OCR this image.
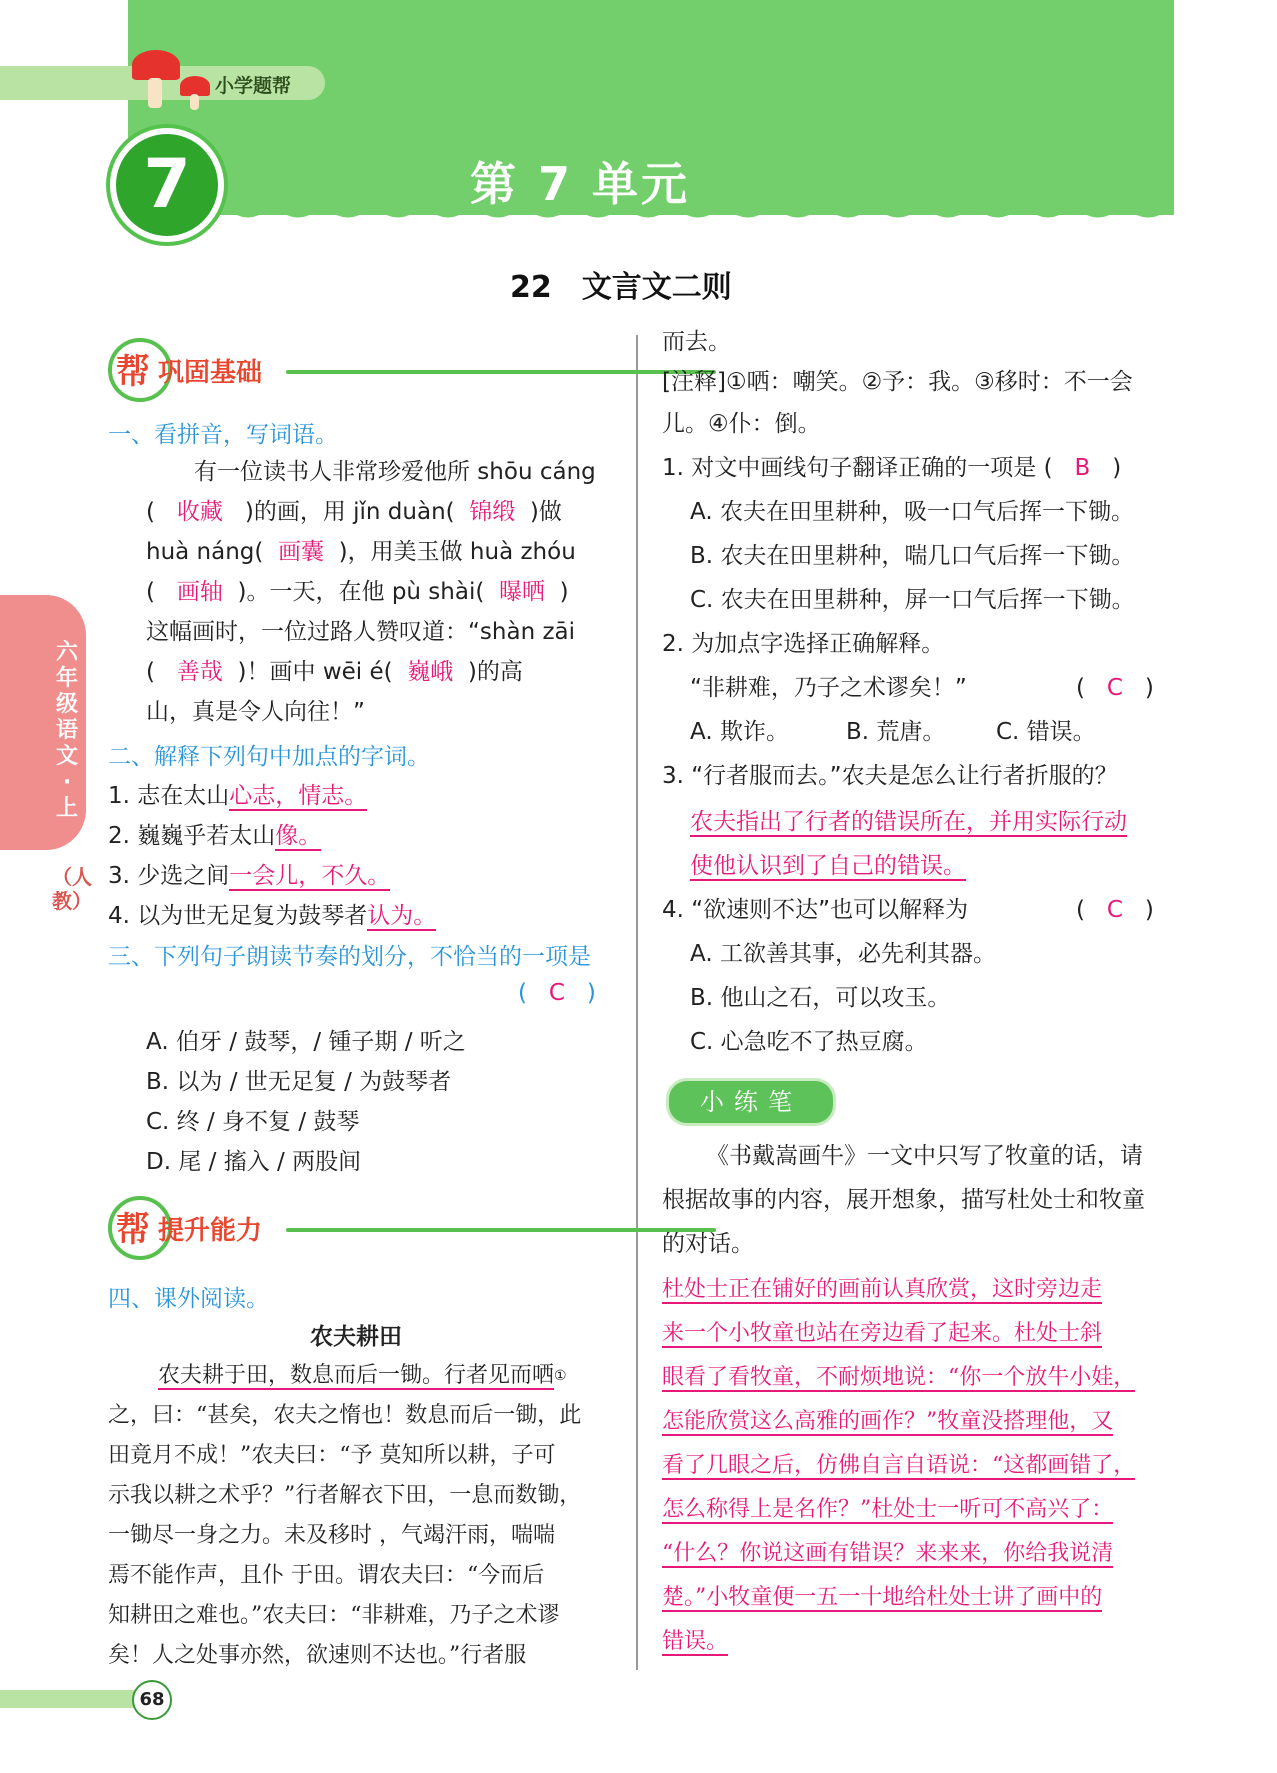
小学题帮
7	第 7 单元
22　文言文二则
六年级语文·上
（人教）
帮 巩固基础
一、看拼音，写词语。
有一位读书人非常珍爱他所 shōu cáng
(   收藏 )的画，用 jǐn duàn( 锦缎 )做
huà náng( 画囊 )，用美玉做 huà zhóu
(   画轴 )。一天，在他 pù shài( 曝晒  )
这幅画时，一位过路人赞叹道：“shàn zāi
(   善哉 )！画中 wēi é( 巍峨 )的高
山，真是令人向往！”
二、解释下列句中加点的字词。
1. 志在太山心志，情志。
2. 巍巍乎若太山像。
3. 少选之间一会儿，不久。
4. 以为世无足复为鼓琴者认为。
三、下列句子朗读节奏的划分，不恰当的一项是
(   C   )
A. 伯牙 / 鼓琴，/ 锺子期 / 听之
B. 以为 / 世无足复 / 为鼓琴者
C. 终 / 身不复 / 鼓琴
D. 尾 / 搐入 / 两股间
帮 提升能力
四、课外阅读。
农夫耕田
农夫耕于田，数息而后一锄。行者见而哂①
之，曰：“甚矣，农夫之惰也！数息而后一锄，此
田竟月不成！”农夫曰：“予 莫知所以耕，子可
示我以耕之术乎？”行者解衣下田，一息而数锄，
一锄尽一身之力。未及移时 ，气竭汗雨，喘喘
焉不能作声，且仆 于田。谓农夫曰：“今而后
知耕田之难也。”农夫曰：“非耕难，乃子之术谬
矣！人之处事亦然，欲速则不达也。”行者服
而去。
[注释]①哂：嘲笑。②予：我。③移时：不一会
儿。④仆：倒。
1. 对文中画线句子翻译正确的一项是 ( B   )
A. 农夫在田里耕种，吸一口气后挥一下锄。
B. 农夫在田里耕种，喘几口气后挥一下锄。
C. 农夫在田里耕种，屏一口气后挥一下锄。
2. 为加点字选择正确解释。
“非耕难，乃子之术谬矣！”	(   C   )
A. 欺诈。 B. 荒唐。 C. 错误。
3. “行者服而去。”农夫是怎么让行者折服的？
农夫指出了行者的错误所在，并用实际行动
使他认识到了自己的错误。
4. “欲速则不达”也可以解释为	(   C   )
A. 工欲善其事，必先利其器。
B. 他山之石，可以攻玉。
C. 心急吃不了热豆腐。
小练笔
《书戴嵩画牛》一文中只写了牧童的话，请
根据故事的内容，展开想象，描写杜处士和牧童
的对话。
杜处士正在铺好的画前认真欣赏，这时旁边走
来一个小牧童也站在旁边看了起来。杜处士斜
眼看了看牧童，不耐烦地说：“你一个放牛小娃，
怎能欣赏这么高雅的画作？”牧童没搭理他，又
看了几眼之后，仿佛自言自语说：“这都画错了，
怎么称得上是名作？”杜处士一听可不高兴了：
“什么？你说这画有错误？来来来，你给我说清
楚。”小牧童便一五一十地给杜处士讲了画中的
错误。
68
